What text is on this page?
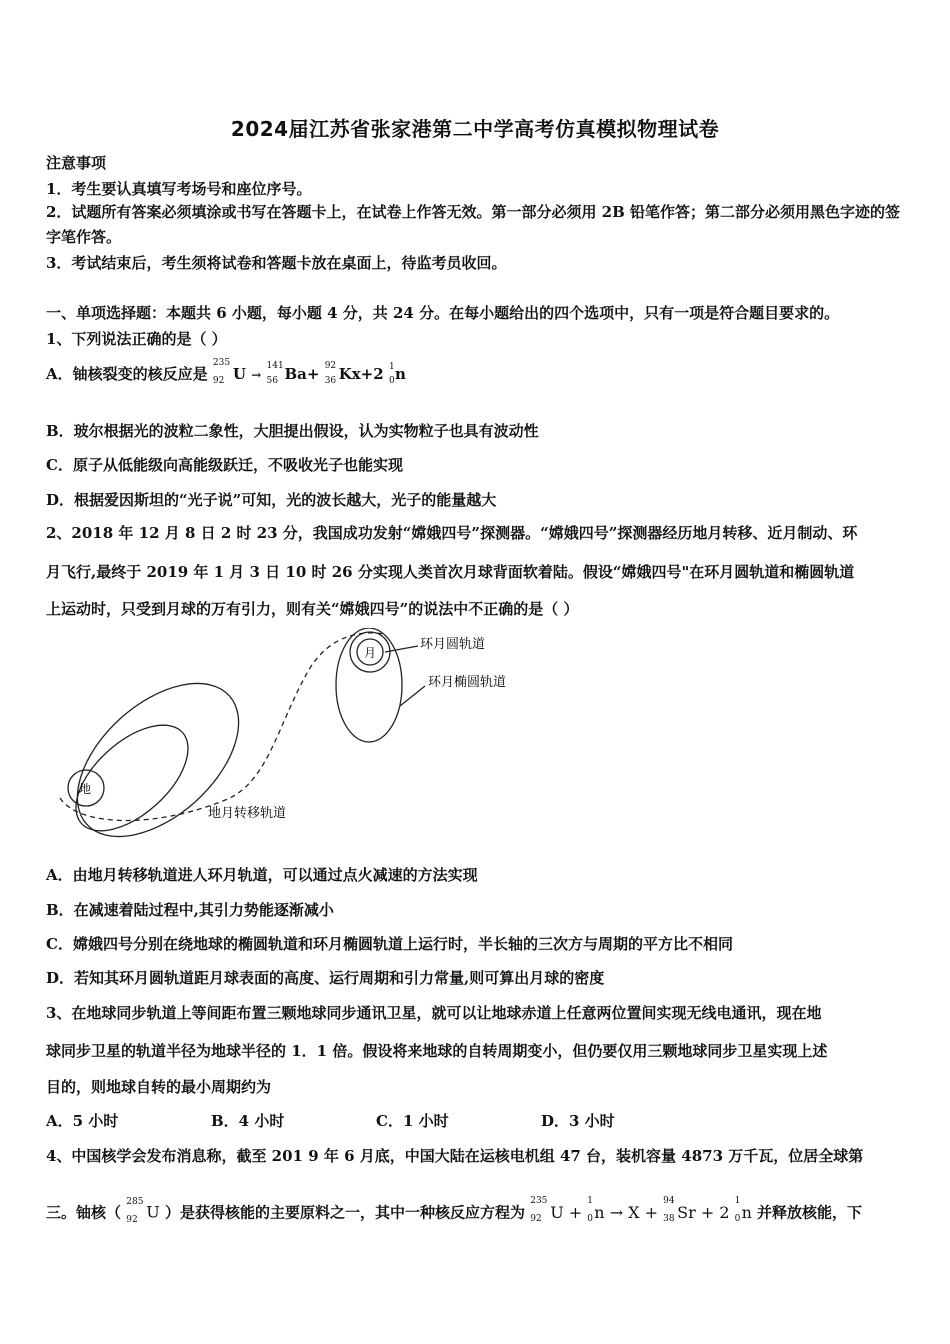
2024届江苏省张家港第二中学高考仿真模拟物理试卷
注意事项
1．考生要认真填写考场号和座位序号。
2．试题所有答案必须填涂或书写在答题卡上，在试卷上作答无效。第一部分必须用 2B 铅笔作答；第二部分必须用黑色字迹的签字笔作答。
3．考试结束后，考生须将试卷和答题卡放在桌面上，待监考员收回。
一、单项选择题：本题共 6 小题，每小题 4 分，共 24 分。在每小题给出的四个选项中，只有一项是符合题目要求的。
1、下列说法正确的是（ ）
A．铀核裂变的核反应是
235
92 U →
141
56 Ba+ 92
36 Kx+2 1
0 n
B．玻尔根据光的波粒二象性，大胆提出假设，认为实物粒子也具有波动性
C．原子从低能级向高能级跃迁，不吸收光子也能实现
D．根据爱因斯坦的“光子说”可知，光的波长越大，光子的能量越大
2、2018 年 12 月 8 日 2 时 23 分，我国成功发射“嫦娥四号”探测器。“嫦娥四号”探测器经历地月转移、近月制动、环
月飞行,最终于 2019 年 1 月 3 日 10 时 26 分实现人类首次月球背面软着陆。假设“嫦娥四号"在环月圆轨道和椭圆轨道
上运动时，只受到月球的万有引力，则有关“嫦娥四号”的说法中不正确的是（ ）
月
地
环月圆轨道
环月椭圆轨道
地月转移轨道
A．由地月转移轨道进人环月轨道，可以通过点火减速的方法实现
B．在减速着陆过程中,其引力势能逐渐减小
C．嫦娥四号分别在绕地球的椭圆轨道和环月椭圆轨道上运行时，半长轴的三次方与周期的平方比不相同
D．若知其环月圆轨道距月球表面的高度、运行周期和引力常量,则可算出月球的密度
3、在地球同步轨道上等间距布置三颗地球同步通讯卫星，就可以让地球赤道上任意两位置间实现无线电通讯，现在地
球同步卫星的轨道半径为地球半径的 1．1 倍。假设将来地球的自转周期变小，但仍要仅用三颗地球同步卫星实现上述
目的，则地球自转的最小周期约为
A．5 小时	B．4 小时	C．1 小时	D．3 小时
4、中国核学会发布消息称，截至 201 9 年 6 月底，中国大陆在运核电机组 47 台，装机容量 4873 万千瓦，位居全球第
三。铀核（
285
92 U ）是获得核能的主要原料之一，其中一种核反应方程为
235
92 U +
1
0 n → X +
94
38 Sr + 2
1
0 n 并释放核能，下
